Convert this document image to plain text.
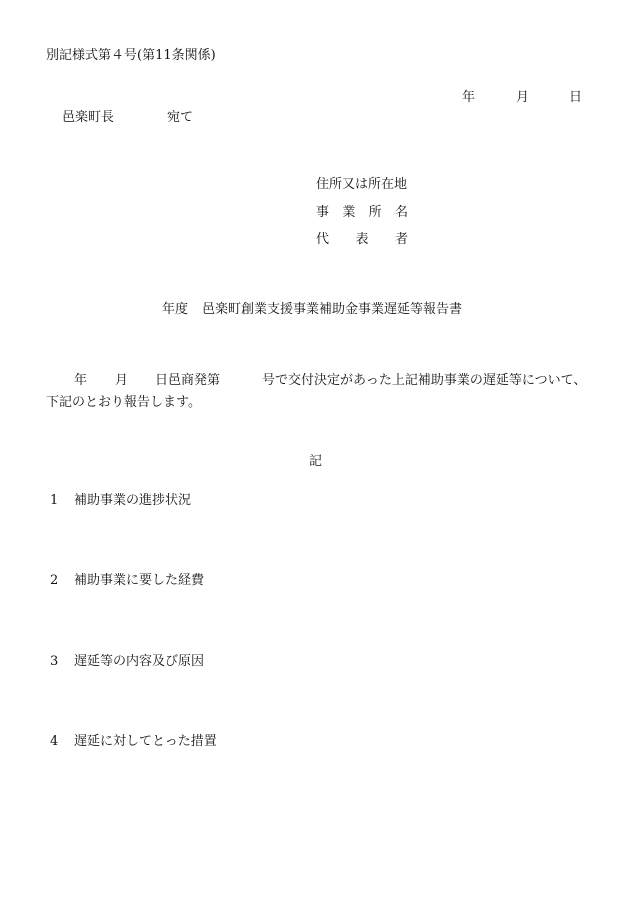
別記様式第４号(第11条関係)
年	月	日
邑楽町長	宛て
住所又は所在地
事 業 所 名
代 表 者
年度 邑楽町創業支援事業補助金事業遅延等報告書
年 月 日邑商発第	号で交付決定があった上記補助事業の遅延等について、
下記のとおり報告します。
記
1 補助事業の進捗状況
2 補助事業に要した経費
3 遅延等の内容及び原因
4 遅延に対してとった措置
